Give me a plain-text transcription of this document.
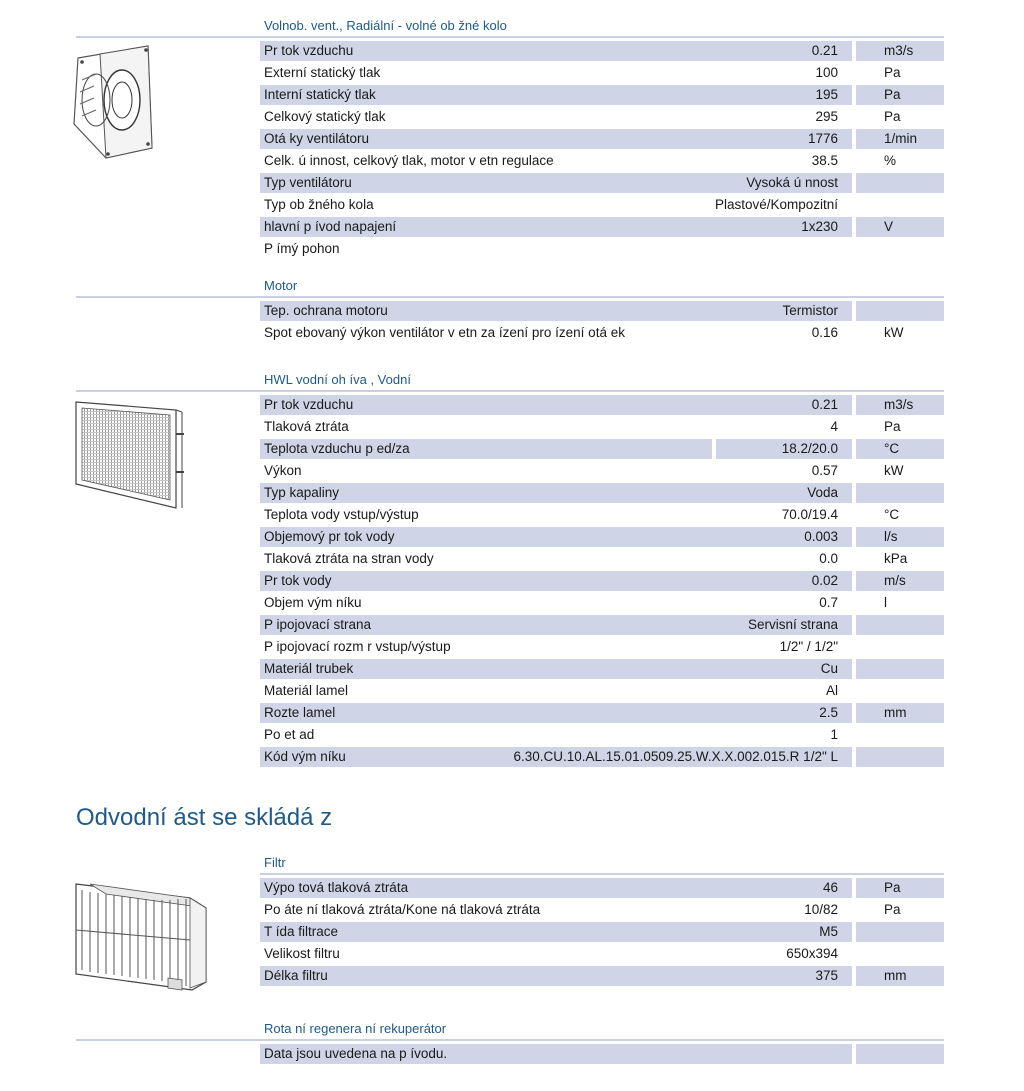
Volnob. vent., Radiální - volné ob žné kolo
Pr tok vzduchu	0.21	m3/s
Externí statický tlak	100	Pa
Interní statický tlak	195	Pa
Celkový statický tlak	295	Pa
Otá ky ventilátoru	1776	1/min
Celk. ú innost, celkový tlak, motor v etn regulace	38.5	%
Typ ventilátoru	Vysoká ú nnost
Typ ob žného kola	Plastové/Kompozitní
hlavní p ívod napajení	1x230	V
P ímý pohon
Motor
Tep. ochrana motoru	Termistor
Spot ebovaný výkon ventilátor v etn za ízení pro ízení otá ek	0.16	kW
HWL vodní oh íva , Vodní
Pr tok vzduchu	0.21	m3/s
Tlaková ztráta	4	Pa
Teplota vzduchu p ed/za	18.2/20.0	°C
Výkon	0.57	kW
Typ kapaliny	Voda
Teplota vody vstup/výstup	70.0/19.4	°C
Objemový pr tok vody	0.003	l/s
Tlaková ztráta na stran vody	0.0	kPa
Pr tok vody	0.02	m/s
Objem vým níku	0.7	l
P ipojovací strana	Servisní strana
P ipojovací rozm r vstup/výstup	1/2" / 1/2"
Materiál trubek	Cu
Materiál lamel	Al
Rozte lamel	2.5	mm
Po et ad	1
Kód vým níku	6.30.CU.10.AL.15.01.0509.25.W.X.X.002.015.R 1/2" L
Odvodní ást se skládá z
Filtr
Výpo tová tlaková ztráta	46	Pa
Po áte ní tlaková ztráta/Kone ná tlaková ztráta	10/82	Pa
T ída filtrace	M5
Velikost filtru	650x394
Délka filtru	375	mm
Rota ní regenera ní rekuperátor
Data jsou uvedena na p ívodu.
